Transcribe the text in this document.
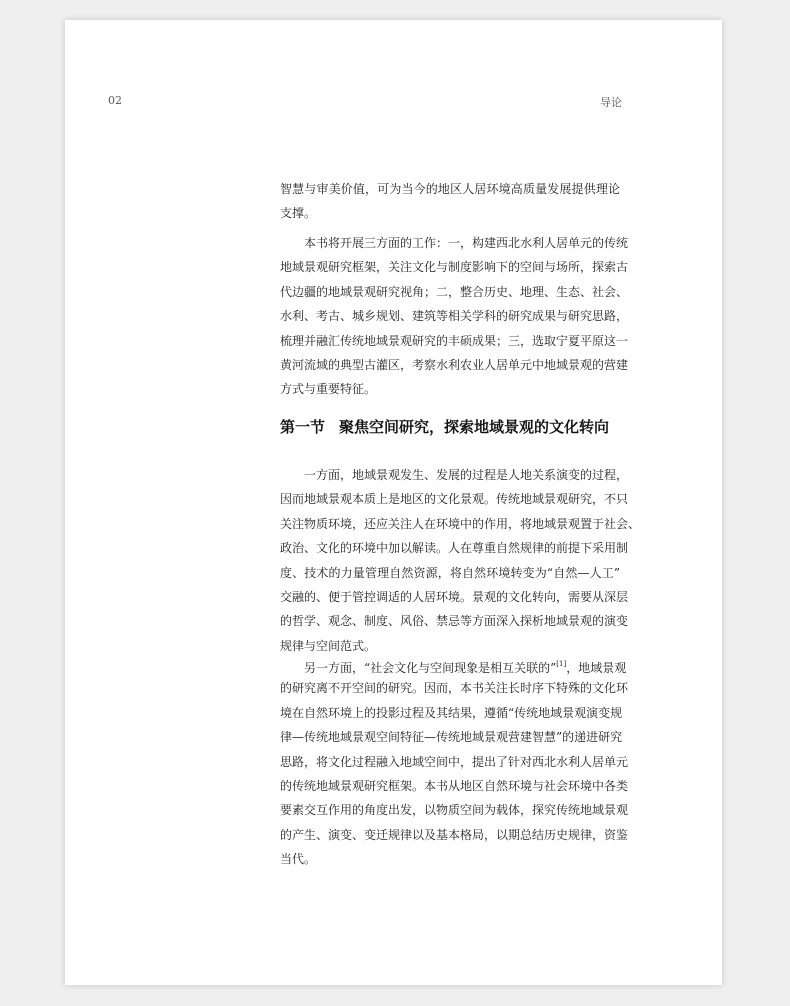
02	导论
智慧与审美价值，可为当今的地区人居环境高质量发展提供理论
支撑。
本书将开展三方面的工作：一，构建西北水利人居单元的传统
地域景观研究框架，关注文化与制度影响下的空间与场所，探索古
代边疆的地域景观研究视角；二，整合历史、地理、生态、社会、
水利、考古、城乡规划、建筑等相关学科的研究成果与研究思路，
梳理并融汇传统地域景观研究的丰硕成果；三，选取宁夏平原这一
黄河流域的典型古灌区，考察水利农业人居单元中地域景观的营建
方式与重要特征。
第一节 聚焦空间研究，探索地域景观的文化转向
一方面，地域景观发生、发展的过程是人地关系演变的过程，
因而地域景观本质上是地区的文化景观。传统地域景观研究，不只
关注物质环境，还应关注人在环境中的作用，将地域景观置于社会、
政治、文化的环境中加以解读。人在尊重自然规律的前提下采用制
度、技术的力量管理自然资源，将自然环境转变为“自然—人工”
交融的、便于管控调适的人居环境。景观的文化转向，需要从深层
的哲学、观念、制度、风俗、禁忌等方面深入探析地域景观的演变
规律与空间范式。
另一方面，“社会文化与空间现象是相互关联的”[1]，地域景观
的研究离不开空间的研究。因而，本书关注长时序下特殊的文化环
境在自然环境上的投影过程及其结果，遵循“传统地域景观演变规
律—传统地域景观空间特征—传统地域景观营建智慧”的递进研究
思路，将文化过程融入地域空间中，提出了针对西北水利人居单元
的传统地域景观研究框架。本书从地区自然环境与社会环境中各类
要素交互作用的角度出发，以物质空间为载体，探究传统地域景观
的产生、演变、变迁规律以及基本格局，以期总结历史规律，资鉴
当代。
